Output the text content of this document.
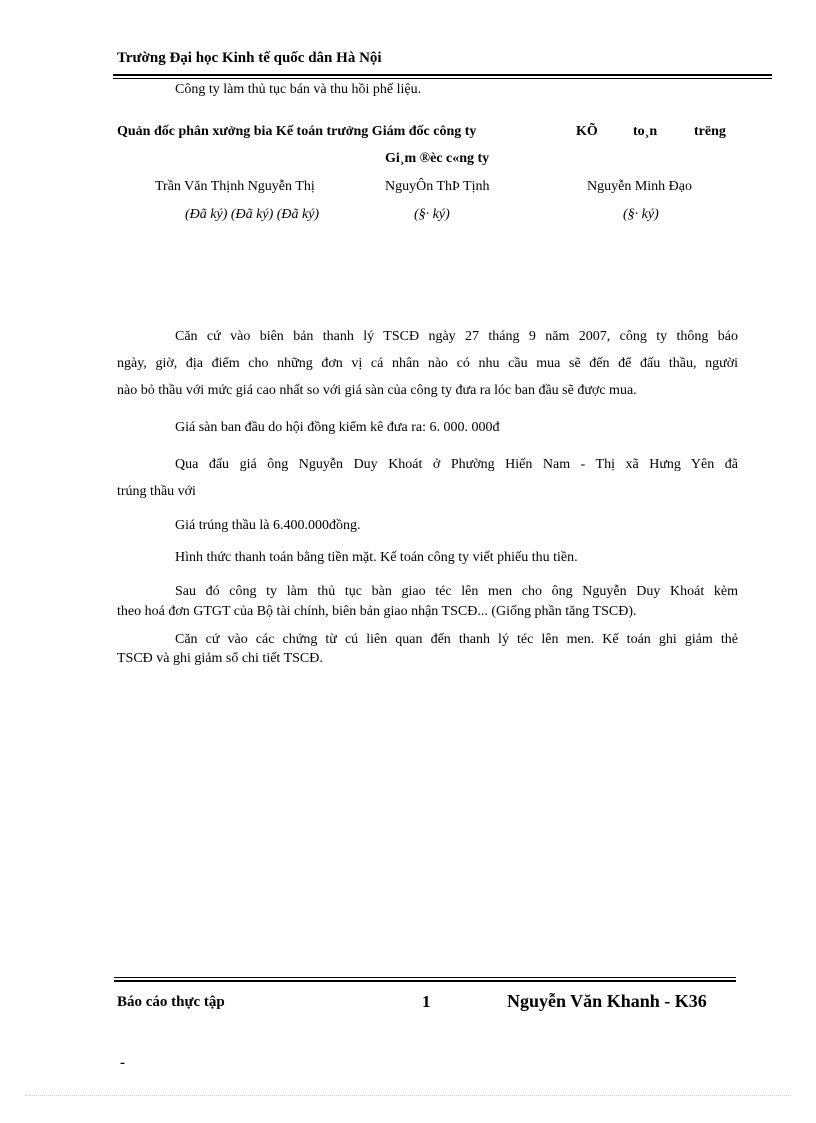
Trường Đại học Kinh tế quốc dân Hà Nội
Công ty làm thủ tục bán và thu hồi phế liệu.
Quản đốc phân xưởng bia Kế toán trưởng Giám đốc công ty	KÕ	to¸n	trëng
Gi¸m ®èc c«ng ty
Trần Văn Thịnh Nguyễn Thị	NguyÔn ThÞ Tịnh	Nguyễn Minh Đạo
(Đã ký) (Đã ký) (Đã ký)	(§· ký)	(§· ký)
Căn cứ vào biên bản thanh lý TSCĐ ngày 27 tháng 9 năm 2007, công ty thông báo
ngày, giờ, địa điểm cho những đơn vị cá nhân nào có nhu cầu mua sẽ đến để đấu thầu, người
nào bỏ thầu với mức giá cao nhất so với giá sàn của công ty đưa ra lóc ban đầu sẽ được mua.
Giá sàn ban đầu do hội đồng kiểm kê đưa ra: 6. 000. 000đ
Qua đấu giá ông Nguyễn Duy Khoát ở Phường Hiến Nam - Thị xã Hưng Yên đã
trúng thầu với
Giá trúng thầu là 6.400.000đồng.
Hình thức thanh toán bằng tiền mặt. Kế toán công ty viết phiếu thu tiền.
Sau đó công ty làm thủ tục bàn giao téc lên men cho ông Nguyễn Duy Khoát kèm
theo hoá đơn GTGT của Bộ tài chính, biên bản giao nhận TSCĐ... (Giống phần tăng TSCĐ).
Căn cứ vào các chứng từ cú liên quan đến thanh lý téc lên men. Kế toán ghi giảm thẻ
TSCĐ và ghi giảm sổ chi tiết TSCĐ.
Báo cáo thực tập	1	Nguyễn Văn Khanh - K36
-
